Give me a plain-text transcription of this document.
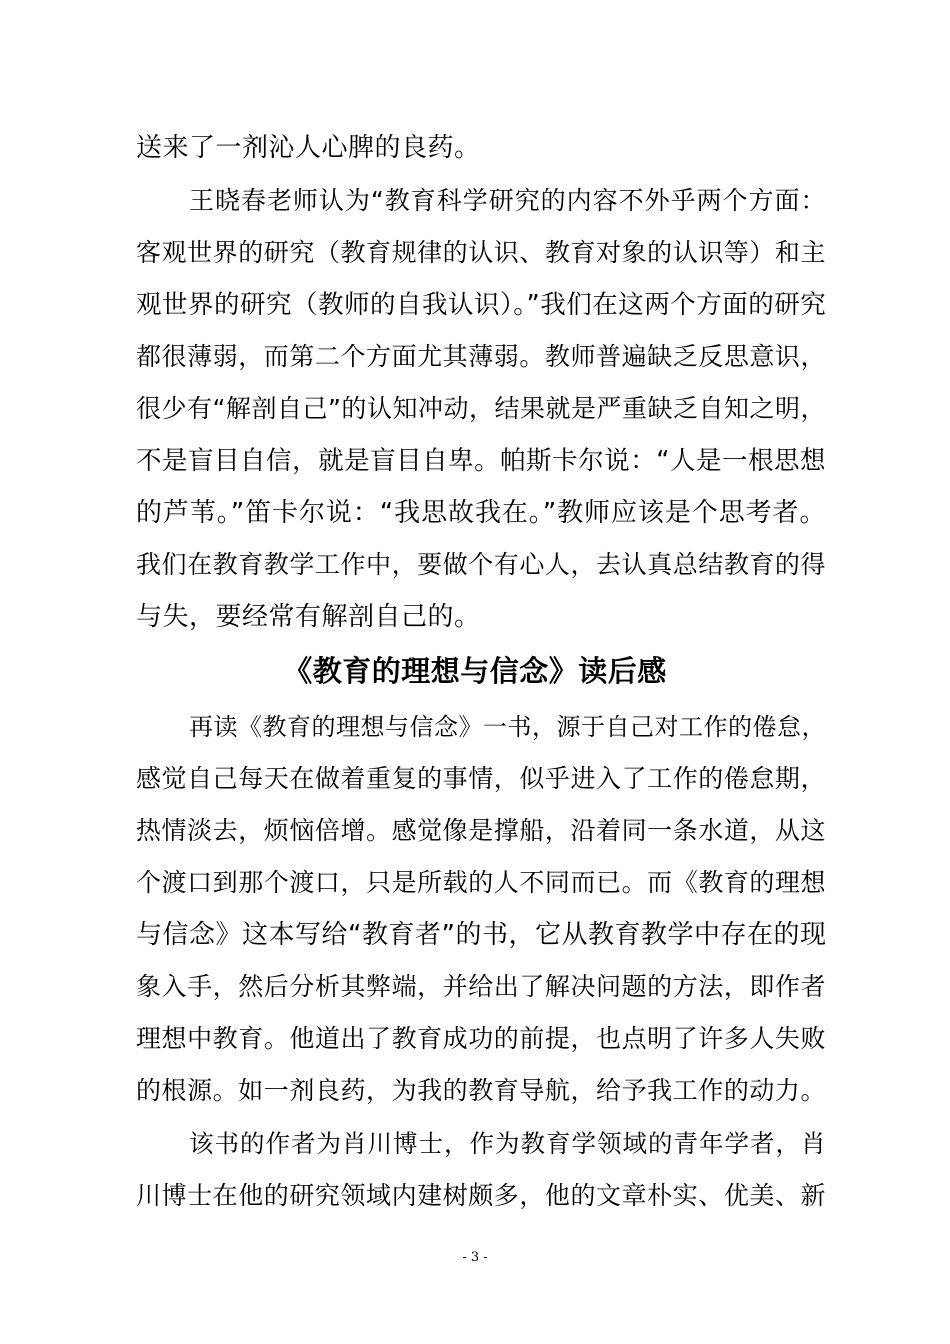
送来了一剂沁人心脾的良药。
王晓春老师认为“教育科学研究的内容不外乎两个方面：
客观世界的研究（教育规律的认识、教育对象的认识等）和主
观世界的研究（教师的自我认识）。”我们在这两个方面的研究
都很薄弱，而第二个方面尤其薄弱。教师普遍缺乏反思意识，
很少有“解剖自己”的认知冲动，结果就是严重缺乏自知之明，
不是盲目自信，就是盲目自卑。帕斯卡尔说：“人是一根思想
的芦苇。”笛卡尔说：“我思故我在。”教师应该是个思考者。
我们在教育教学工作中，要做个有心人，去认真总结教育的得
与失，要经常有解剖自己的。
《教育的理想与信念》读后感
再读《教育的理想与信念》一书，源于自己对工作的倦怠，
感觉自己每天在做着重复的事情，似乎进入了工作的倦怠期，
热情淡去，烦恼倍增。感觉像是撑船，沿着同一条水道，从这
个渡口到那个渡口，只是所载的人不同而已。而《教育的理想
与信念》这本写给“教育者”的书，它从教育教学中存在的现
象入手，然后分析其弊端，并给出了解决问题的方法，即作者
理想中教育。他道出了教育成功的前提，也点明了许多人失败
的根源。如一剂良药，为我的教育导航，给予我工作的动力。
该书的作者为肖川博士，作为教育学领域的青年学者，肖
川博士在他的研究领域内建树颇多，他的文章朴实、优美、新
- 3 -
